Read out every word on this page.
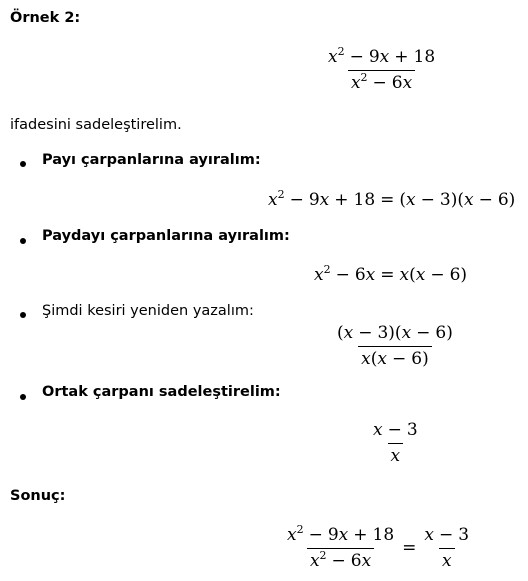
Örnek 2:
$\frac{x^2 - 9x + 18}{x^2 - 6x}$
ifadesini sadeleştirelim.
Payı çarpanlarına ayıralım:
$x^2 - 9x + 18 = (x - 3)(x - 6)$
Paydayı çarpanlarına ayıralım:
$x^2 - 6x = x(x - 6)$
Şimdi kesiri yeniden yazalım:
$\frac{(x - 3)(x - 6)}{x(x - 6)}$
Ortak çarpanı sadeleştirelim:
$\frac{x - 3}{x}$
Sonuç:
$\frac{x^2 - 9x + 18}{x^2 - 6x} = \frac{x - 3}{x}$
